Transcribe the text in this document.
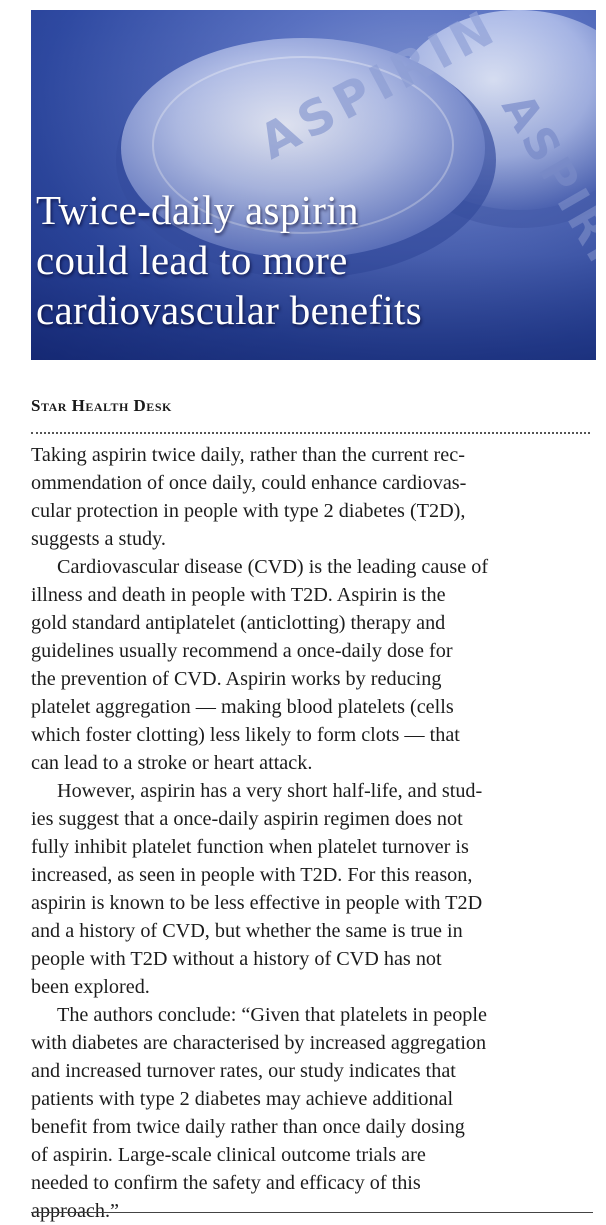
Twice-daily aspirin
could lead to more
cardiovascular benefits
Star Health Desk

Taking aspirin twice daily, rather than the current rec-
ommendation of once daily, could enhance cardiovas-
cular protection in people with type 2 diabetes (T2D),
suggests a study.

Cardiovascular disease (CVD) is the leading cause of
illness and death in people with T2D. Aspirin is the
gold standard antiplatelet (anticlotting) therapy and
guidelines usually recommend a once-daily dose for
the prevention of CVD. Aspirin works by reducing
platelet aggregation — making blood platelets (cells
which foster clotting) less likely to form clots — that
can lead to a stroke or heart attack.

However, aspirin has a very short half-life, and stud-
ies suggest that a once-daily aspirin regimen does not
fully inhibit platelet function when platelet turnover is
increased, as seen in people with T2D. For this reason,
aspirin is known to be less effective in people with T2D
and a history of CVD, but whether the same is true in
people with T2D without a history of CVD has not
been explored.

The authors conclude: “Given that platelets in people
with diabetes are characterised by increased aggregation
and increased turnover rates, our study indicates that
patients with type 2 diabetes may achieve additional
benefit from twice daily rather than once daily dosing
of aspirin. Large-scale clinical outcome trials are
needed to confirm the safety and efficacy of this
approach.”
